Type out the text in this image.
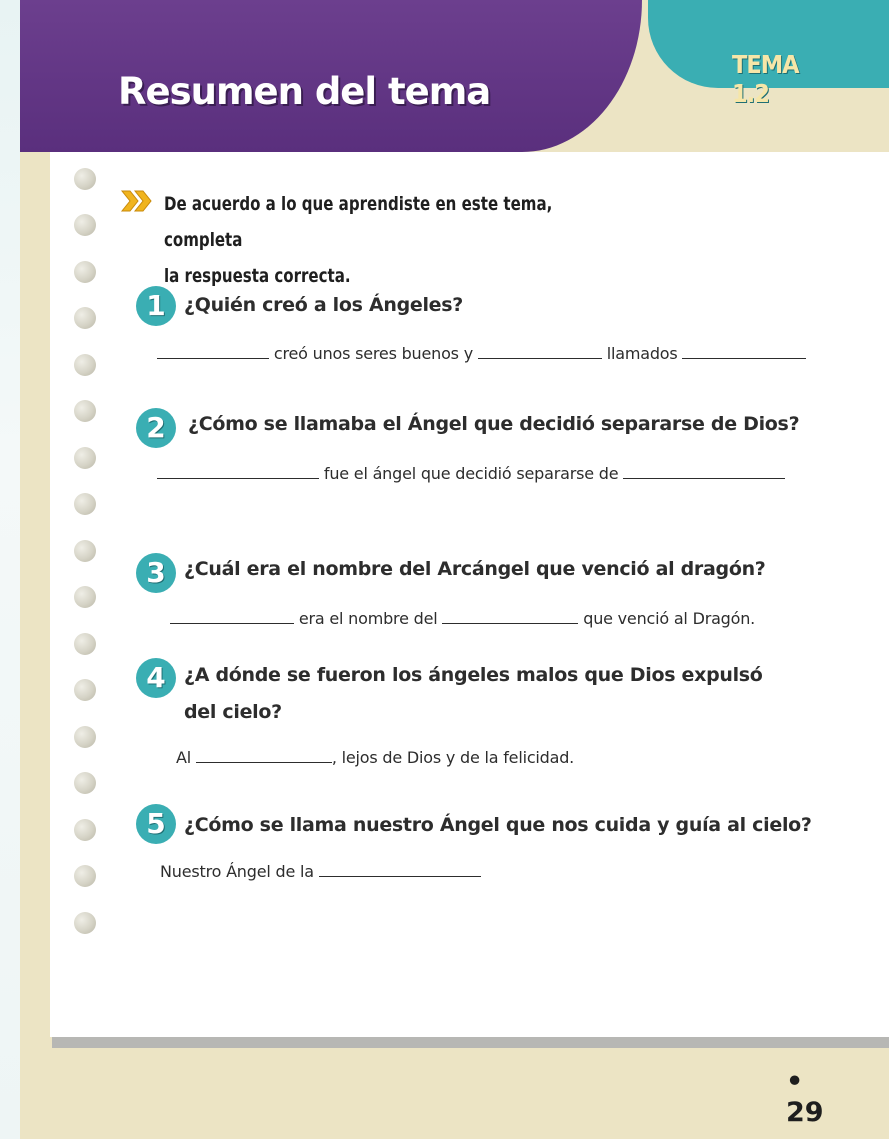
Resumen del tema
TEMA 1.2
De acuerdo a lo que aprendiste en este tema, completa
la respuesta correcta.
1 ¿Quién creó a los Ángeles?
creó unos seres buenos y	llamados
2	¿Cómo se llamaba el Ángel que decidió separarse de Dios?
fue el ángel que decidió separarse de
3 ¿Cuál era el nombre del Arcángel que venció al dragón?
era el nombre del	que venció al Dragón.
4 ¿A dónde se fueron los ángeles malos que Dios expulsó
del cielo?
Al	, lejos de Dios y de la felicidad.
5 ¿Cómo se llama nuestro Ángel que nos cuida y guía al cielo?
Nuestro Ángel de la
• 29
